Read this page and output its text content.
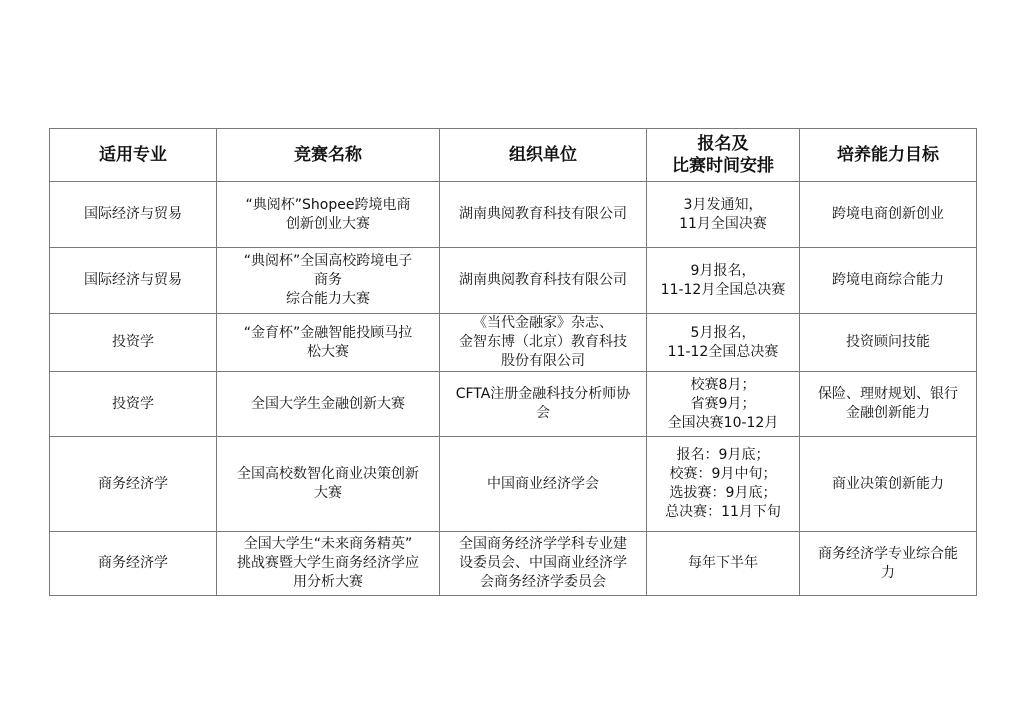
适用专业	竞赛名称	组织单位	报名及
比赛时间安排	培养能力目标

国际经济与贸易	“典阅杯”Shopee跨境电商
创新创业大赛	湖南典阅教育科技有限公司	3月发通知，
11月全国决赛	跨境电商创新创业

国际经济与贸易	“典阅杯”全国高校跨境电子
商务
综合能力大赛	湖南典阅教育科技有限公司	9月报名，
11-12月全国总决赛	跨境电商综合能力

投资学	“金育杯”金融智能投顾马拉
松大赛	《当代金融家》杂志、
金智东博（北京）教育科技
股份有限公司	5月报名，
11-12全国总决赛	投资顾问技能

投资学	全国大学生金融创新大赛	CFTA注册金融科技分析师协
会	校赛8月；
省赛9月；
全国决赛10-12月	保险、理财规划、银行
金融创新能力

商务经济学	全国高校数智化商业决策创新
大赛	中国商业经济学会	报名：9月底；
校赛：9月中旬；
选拔赛：9月底；
总决赛：11月下旬	商业决策创新能力

商务经济学	全国大学生“未来商务精英”
挑战赛暨大学生商务经济学应
用分析大赛	全国商务经济学学科专业建
设委员会、中国商业经济学
会商务经济学委员会	每年下半年	商务经济学专业综合能
力
